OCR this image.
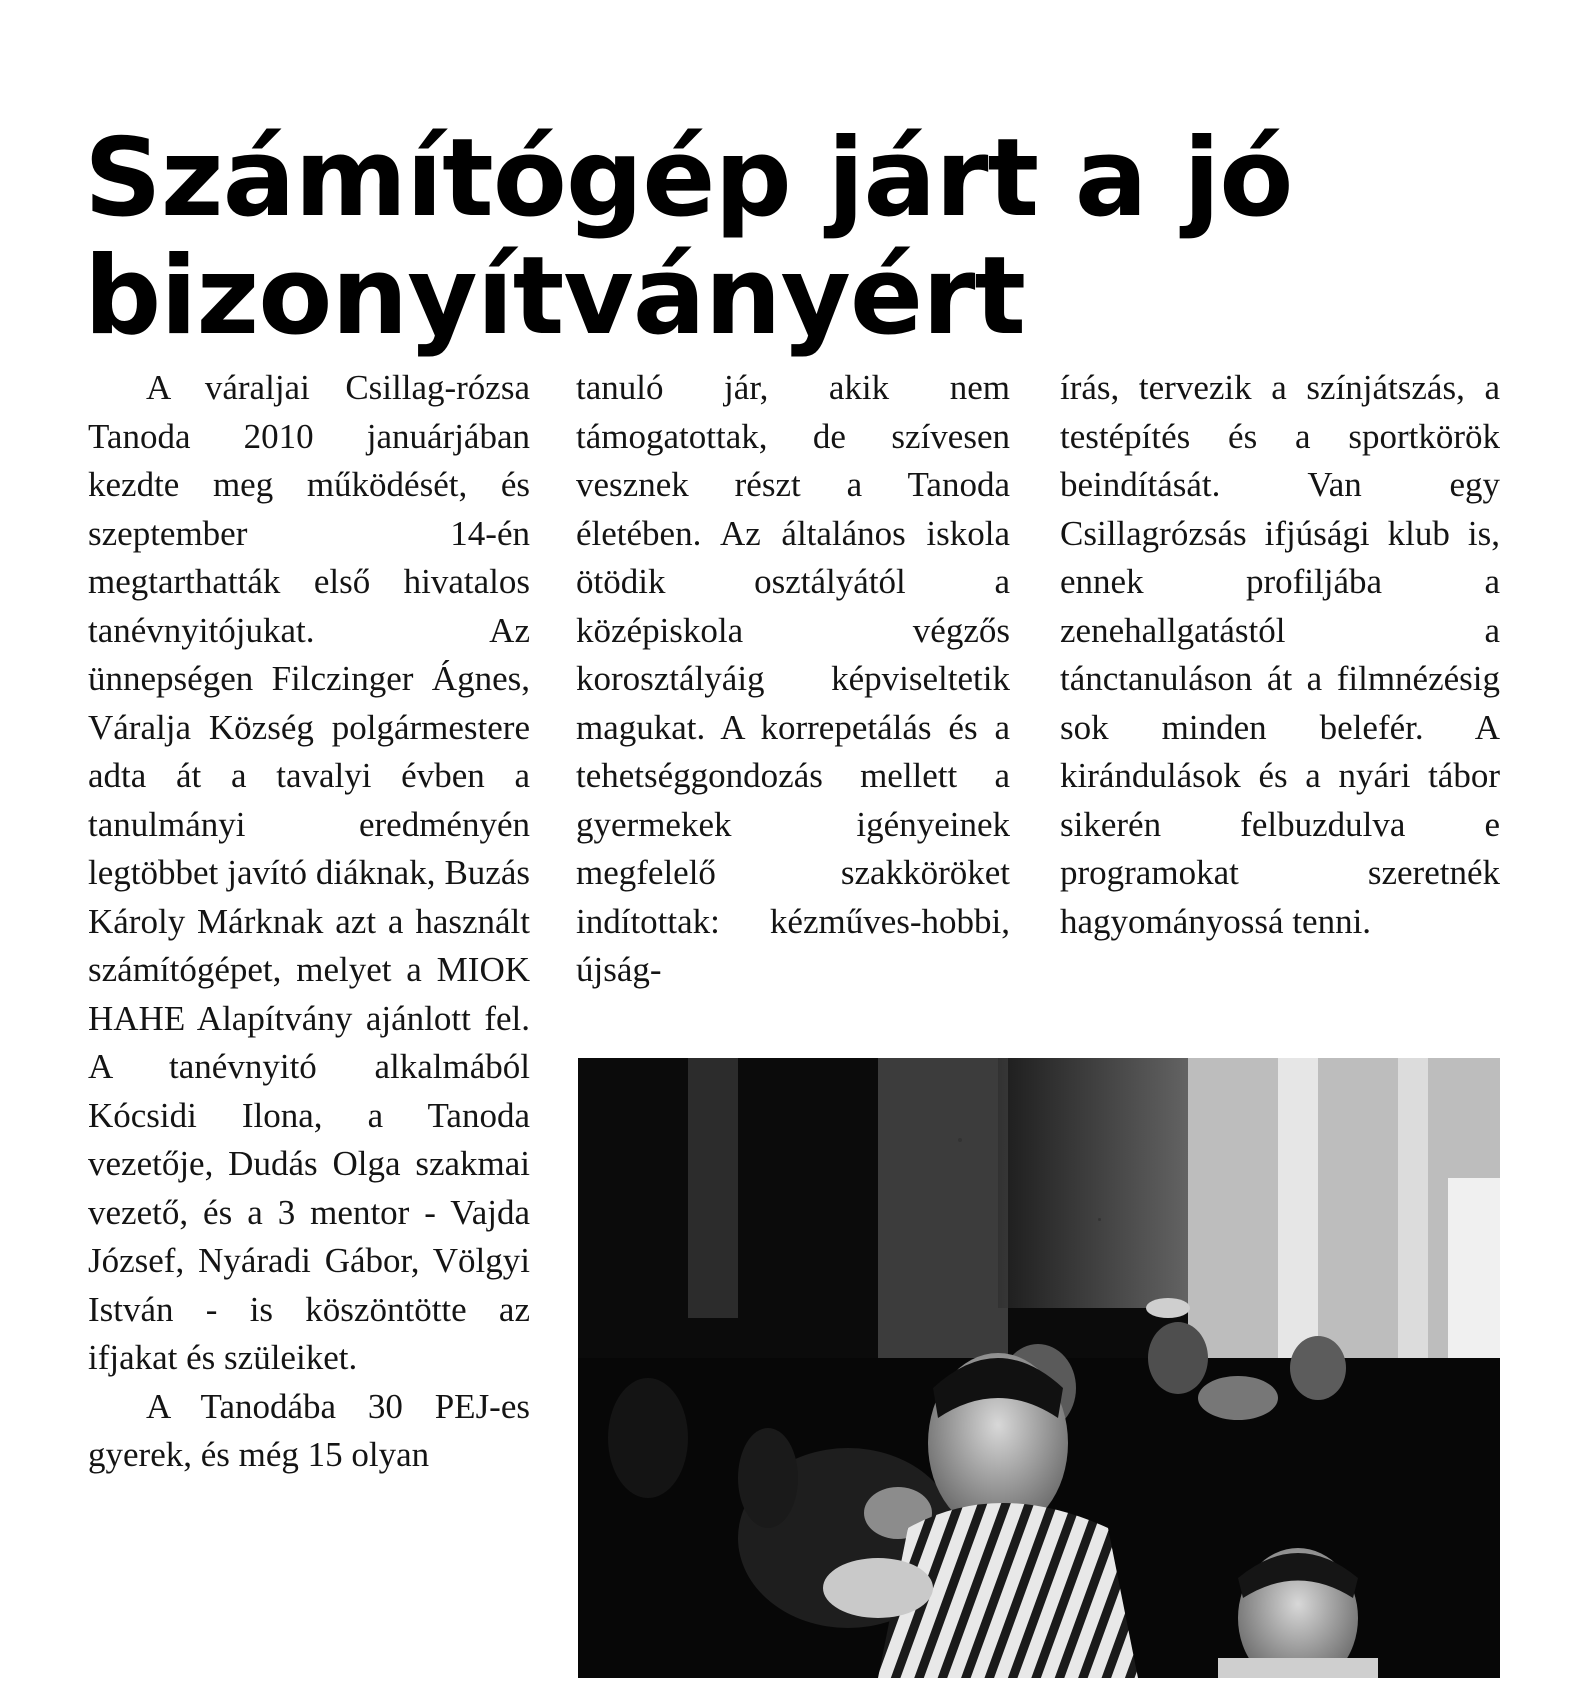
Számítógép járt a jó bizonyítványért

A váraljai Csillag-rózsa Tanoda 2010 januárjában kezdte meg működését, és szeptember 14-én megtarthatták első hivatalos tanévnyitójukat. Az ünnepségen Filczinger Ágnes, Váralja Község polgármestere adta át a tavalyi évben a tanulmányi eredményén legtöbbet javító diáknak, Buzás Károly Márknak azt a használt számítógépet, melyet a MIOK HAHE Alapítvány ajánlott fel. A tanévnyitó alkalmából Kócsidi Ilona, a Tanoda vezetője, Dudás Olga szakmai vezető, és a 3 mentor - Vajda József, Nyáradi Gábor, Völgyi István - is köszöntötte az ifjakat és szüleiket.

A Tanodába 30 PEJ-es gyerek, és még 15 olyan

tanuló jár, akik nem támogatottak, de szívesen vesznek részt a Tanoda életében. Az általános iskola ötödik osztályától a középiskola végzős korosztályáig képviseltetik magukat. A korrepetálás és a tehetséggondozás mellett a gyermekek igényeinek megfelelő szakköröket indítottak: kézműves-hobbi, újság-

írás, tervezik a színjátszás, a testépítés és a sportkörök beindítását. Van egy Csillagrózsás ifjúsági klub is, ennek profiljába a zenehallgatástól a tánctanuláson át a filmnézésig sok minden belefér. A kirándulások és a nyári tábor sikerén felbuzdulva e programokat szeretnék hagyományossá tenni.
